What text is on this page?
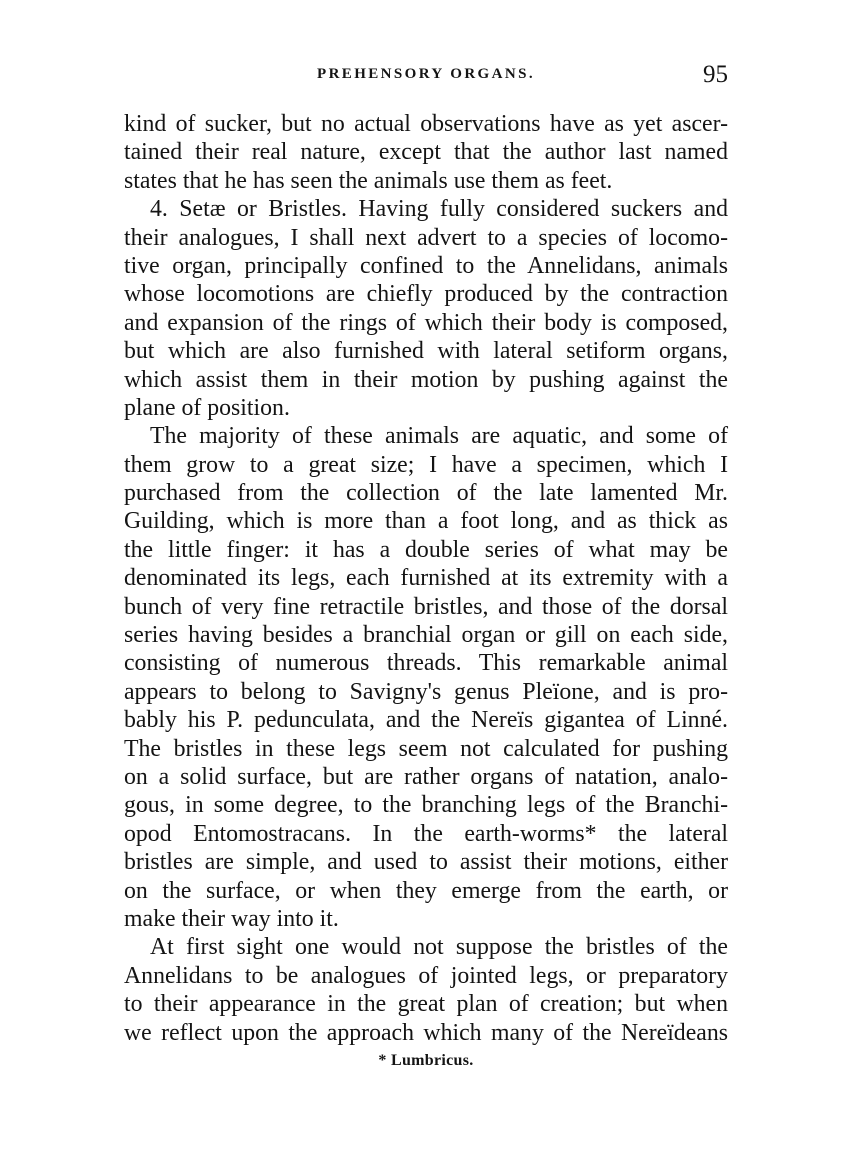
PREHENSORY ORGANS.	95
kind of sucker, but no actual observations have as yet ascer-
tained their real nature, except that the author last named
states that he has seen the animals use them as feet.
4. Setæ or Bristles. Having fully considered suckers and
their analogues, I shall next advert to a species of locomo-
tive organ, principally confined to the Annelidans, animals
whose locomotions are chiefly produced by the contraction
and expansion of the rings of which their body is composed,
but which are also furnished with lateral setiform organs,
which assist them in their motion by pushing against the
plane of position.
The majority of these animals are aquatic, and some of
them grow to a great size; I have a specimen, which I
purchased from the collection of the late lamented Mr.
Guilding, which is more than a foot long, and as thick as
the little finger: it has a double series of what may be
denominated its legs, each furnished at its extremity with a
bunch of very fine retractile bristles, and those of the dorsal
series having besides a branchial organ or gill on each side,
consisting of numerous threads. This remarkable animal
appears to belong to Savigny's genus Pleïone, and is pro-
bably his P. pedunculata, and the Nereïs gigantea of Linné.
The bristles in these legs seem not calculated for pushing
on a solid surface, but are rather organs of natation, analo-
gous, in some degree, to the branching legs of the Branchi-
opod Entomostracans. In the earth-worms* the lateral
bristles are simple, and used to assist their motions, either
on the surface, or when they emerge from the earth, or
make their way into it.
At first sight one would not suppose the bristles of the
Annelidans to be analogues of jointed legs, or preparatory
to their appearance in the great plan of creation; but when
we reflect upon the approach which many of the Nereïdeans
* Lumbricus.
